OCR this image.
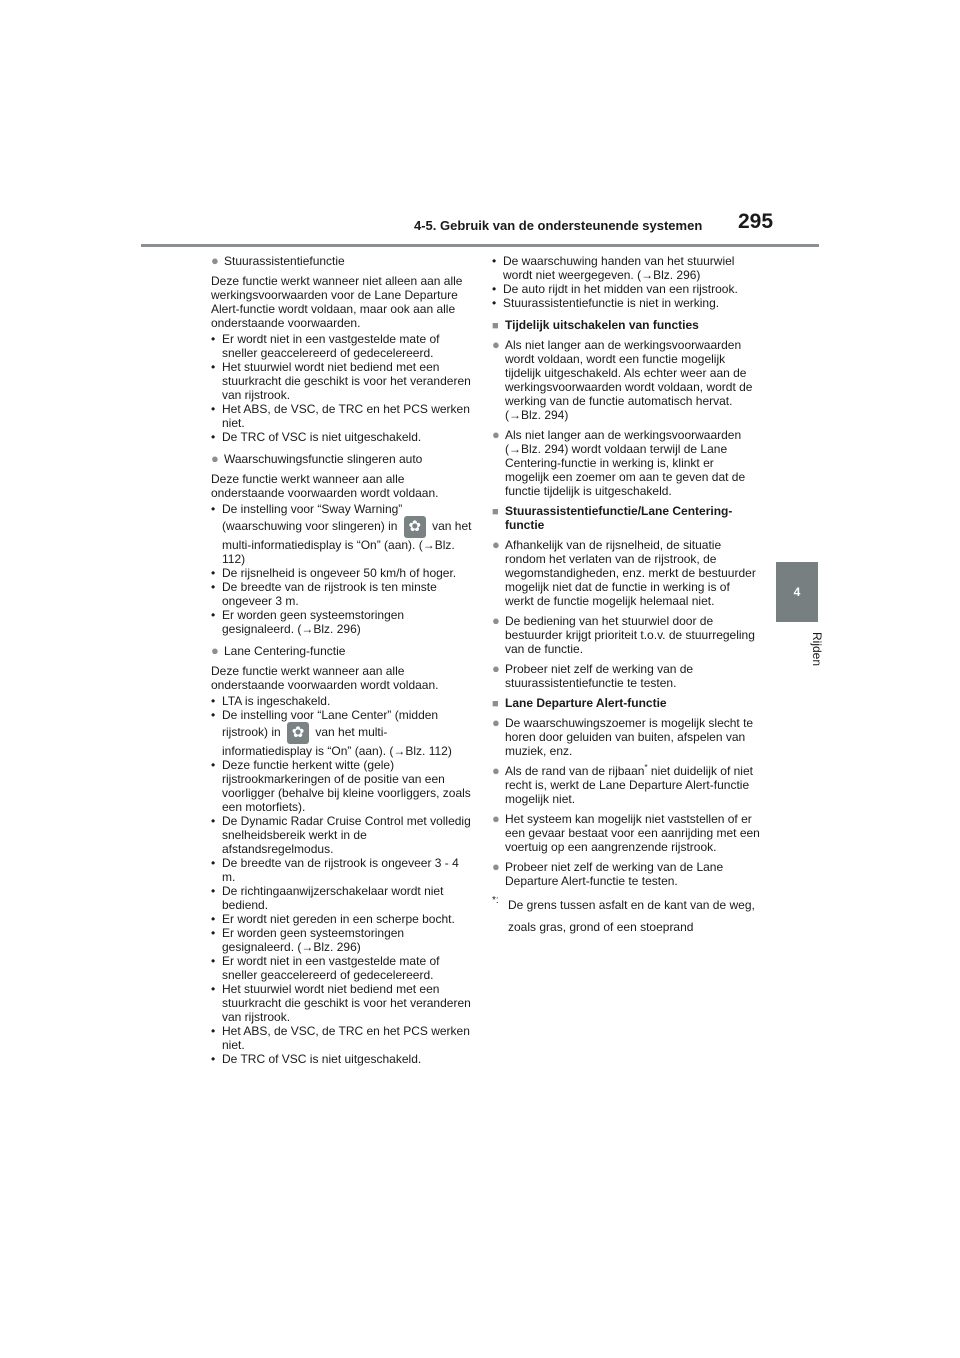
4-5. Gebruik van de ondersteunende systemen 295
4
Rijden
● Stuurassistentiefunctie
Deze functie werkt wanneer niet alleen aan alle werkingsvoorwaarden voor de Lane Departure Alert-functie wordt voldaan, maar ook aan alle onderstaande voorwaarden.
• Er wordt niet in een vastgestelde mate of sneller geaccelereerd of gedecelereerd.
• Het stuurwiel wordt niet bediend met een stuurkracht die geschikt is voor het veranderen van rijstrook.
• Het ABS, de VSC, de TRC en het PCS werken niet.
• De TRC of VSC is niet uitgeschakeld.
● Waarschuwingsfunctie slingeren auto
Deze functie werkt wanneer aan alle onderstaande voorwaarden wordt voldaan.
• De instelling voor “Sway Warning” (waarschuwing voor slingeren) in ✿	van het multi-informatiedisplay is “On” (aan). (→Blz. 112)
• De rijsnelheid is ongeveer 50 km/h of hoger.
• De breedte van de rijstrook is ten minste ongeveer 3 m.
• Er worden geen systeemstoringen gesignaleerd. (→Blz. 296)
● Lane Centering-functie
Deze functie werkt wanneer aan alle onderstaande voorwaarden wordt voldaan.
• LTA is ingeschakeld.
• De instelling voor “Lane Center” (midden rijstrook) in ✿	van het multi-informatiedisplay is “On” (aan). (→Blz. 112)
• Deze functie herkent witte (gele) rijstrookmarkeringen of de positie van een voorligger (behalve bij kleine voorliggers, zoals een motorfiets).
• De Dynamic Radar Cruise Control met volledig snelheidsbereik werkt in de afstandsregelmodus.
• De breedte van de rijstrook is ongeveer 3 - 4 m.
• De richtingaanwijzerschakelaar wordt niet bediend.
• Er wordt niet gereden in een scherpe bocht.
• Er worden geen systeemstoringen gesignaleerd. (→Blz. 296)
• Er wordt niet in een vastgestelde mate of sneller geaccelereerd of gedecelereerd.
• Het stuurwiel wordt niet bediend met een stuurkracht die geschikt is voor het veranderen van rijstrook.
• Het ABS, de VSC, de TRC en het PCS werken niet.
• De TRC of VSC is niet uitgeschakeld.
• De waarschuwing handen van het stuurwiel wordt niet weergegeven. (→Blz. 296)
• De auto rijdt in het midden van een rijstrook.
• Stuurassistentiefunctie is niet in werking.
■ Tijdelijk uitschakelen van functies
● Als niet langer aan de werkingsvoorwaarden wordt voldaan, wordt een functie mogelijk tijdelijk uitgeschakeld. Als echter weer aan de werkingsvoorwaarden wordt voldaan, wordt de werking van de functie automatisch hervat. (→Blz. 294)
● Als niet langer aan de werkingsvoorwaarden (→Blz. 294) wordt voldaan terwijl de Lane Centering-functie in werking is, klinkt er mogelijk een zoemer om aan te geven dat de functie tijdelijk is uitgeschakeld.
■ Stuurassistentiefunctie/Lane Centering-functie
● Afhankelijk van de rijsnelheid, de situatie rondom het verlaten van de rijstrook, de wegomstandigheden, enz. merkt de bestuurder mogelijk niet dat de functie in werking is of werkt de functie mogelijk helemaal niet.
● De bediening van het stuurwiel door de bestuurder krijgt prioriteit t.o.v. de stuurregeling van de functie.
● Probeer niet zelf de werking van de stuurassistentiefunctie te testen.
■ Lane Departure Alert-functie
● De waarschuwingszoemer is mogelijk slecht te horen door geluiden van buiten, afspelen van muziek, enz.
● Als de rand van de rijbaan* niet duidelijk of niet recht is, werkt de Lane Departure Alert-functie mogelijk niet.
● Het systeem kan mogelijk niet vaststellen of er een gevaar bestaat voor een aanrijding met een voertuig op een aangrenzende rijstrook.
● Probeer niet zelf de werking van de Lane Departure Alert-functie te testen.
*: De grens tussen asfalt en de kant van de weg, zoals gras, grond of een stoeprand
